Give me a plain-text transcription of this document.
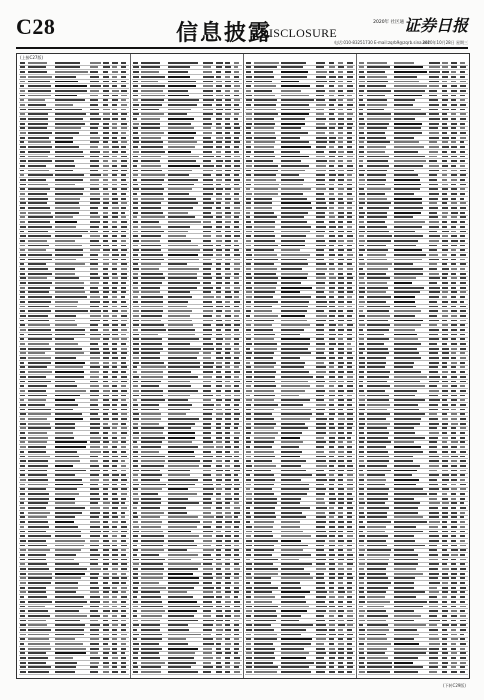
C28	信息披露
DISCLOSURE
2020年 社区通 证券日报
电话:010-83251730 E-mail:zqrb9@zqrb.sina.net
2020年10月28日 星期三
(上接C27版)
(下转C29版)
